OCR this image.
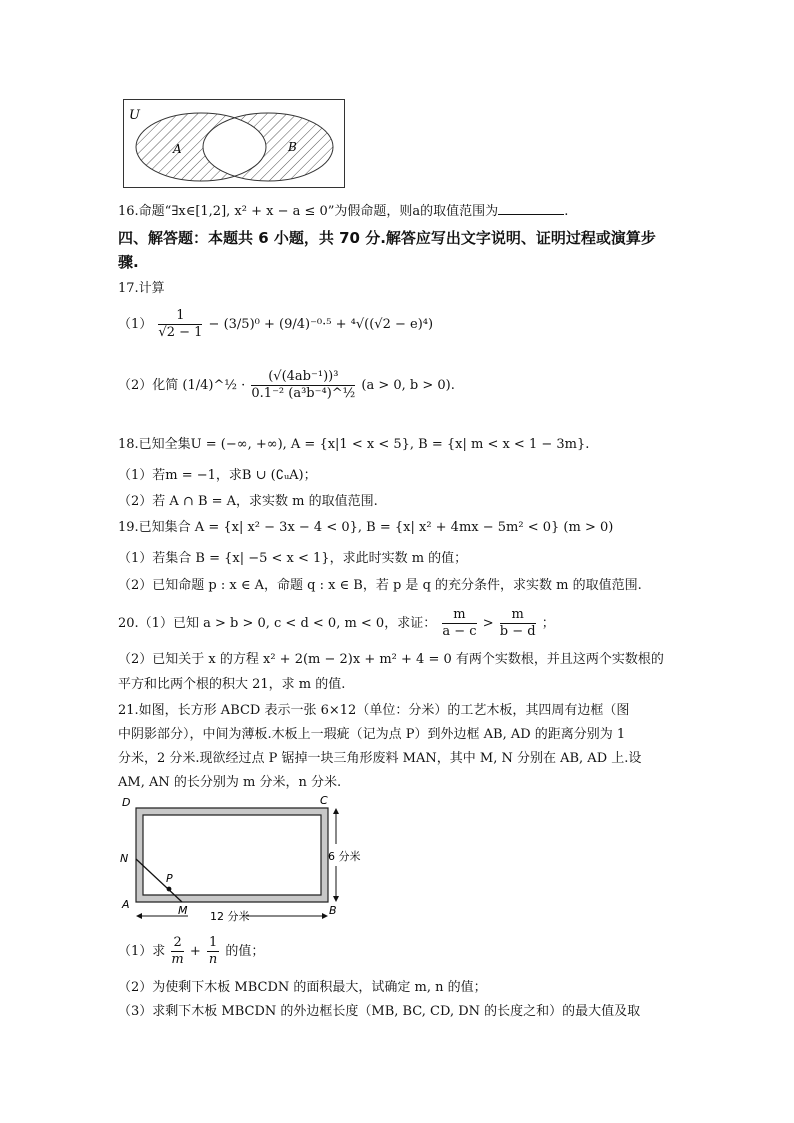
U
A	B
16.命题“∃x∈[1,2], x² + x − a ≤ 0”为假命题，则a的取值范围为	.
四、解答题：本题共 6 小题，共 70 分.解答应写出文字说明、证明过程或演算步
骤.
17.计算
$(1) \frac{1}{√2 - 1} - (3/5)^0 + (9/4)^{-0}\cdot^5 + ^4√((√2 - e)^4)$
（2）化简 (1/4)^½ · $\frac{\text{(√(4ab⁻¹))³}}{\text{0.1⁻² (a³b⁻⁴)\textasciicircum{}½}} (a > 0$, b > 0).
18.已知全集U = (−∞, +∞), A = {x|1 < x < 5}, B = {x| m < x < 1 − 3m}.
（1）若m = −1，求B ∪ (∁ᵤA)；
（2）若 A ∩ B = A，求实数 m 的取值范围.
19.已知集合 A = {x| x² − 3x − 4 < 0}, B = {x| x² + 4mx − 5m² < 0} (m > 0)
（1）若集合 B = {x| −5 < x < 1}，求此时实数 m 的值；
（2）已知命题 p : x ∈ A，命题 q : x ∈ B，若 p 是 q 的充分条件，求实数 m 的取值范围.
20.（1）已知 a > b > 0, c < d < 0, m < 0，求证： $\frac{m}{a - c} > \frac{m}{b - d}$ ；
（2）已知关于 x 的方程 x² + 2(m − 2)x + m² + 4 = 0 有两个实数根，并且这两个实数根的
平方和比两个根的积大 21，求 m 的值.
21.如图，长方形 ABCD 表示一张 6×12（单位：分米）的工艺木板，其四周有边框（图
中阴影部分），中间为薄板.木板上一瑕疵（记为点 P）到外边框 AB, AD 的距离分别为 1
分米，2 分米.现欲经过点 P 锯掉一块三角形废料 MAN，其中 M, N 分别在 AB, AD 上.设
AM, AN 的长分别为 m 分米，n 分米.
D	C
N
P
A	M	B
12 分米
6 分米
（1）求 $\frac{2}{m} + \frac{1}{n}$ 的值；
（2）为使剩下木板 MBCDN 的面积最大，试确定 m, n 的值；
（3）求剩下木板 MBCDN 的外边框长度（MB, BC, CD, DN 的长度之和）的最大值及取
